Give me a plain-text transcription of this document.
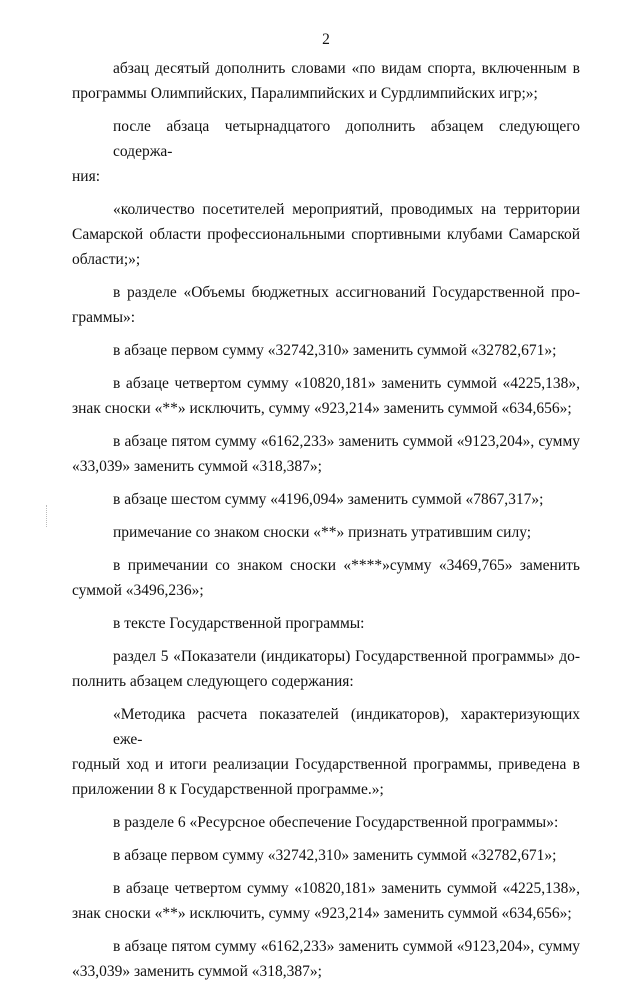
2

абзац десятый дополнить словами «по видам спорта, включенным в
программы Олимпийских, Паралимпийских и Сурдлимпийских игр;»;

после абзаца четырнадцатого дополнить абзацем следующего содержа-
ния:

«количество посетителей мероприятий, проводимых на территории
Самарской области профессиональными спортивными клубами Самарской
области;»;

в разделе «Объемы бюджетных ассигнований Государственной про-
граммы»:

в абзаце первом сумму «32742,310» заменить суммой «32782,671»;

в абзаце четвертом сумму «10820,181» заменить суммой «4225,138»,
знак сноски «**» исключить, сумму «923,214» заменить суммой «634,656»;

в абзаце пятом сумму «6162,233» заменить суммой «9123,204», сумму
«33,039» заменить суммой «318,387»;

в абзаце шестом сумму «4196,094» заменить суммой «7867,317»;

примечание со знаком сноски «**» признать утратившим силу;

в примечании со знаком сноски «****»сумму «3469,765» заменить
суммой «3496,236»;

в тексте Государственной программы:

раздел 5 «Показатели (индикаторы) Государственной программы» до-
полнить абзацем следующего содержания:

«Методика расчета показателей (индикаторов), характеризующих еже-
годный ход и итоги реализации Государственной программы, приведена в
приложении 8 к Государственной программе.»;

в разделе 6 «Ресурсное обеспечение Государственной программы»:

в абзаце первом сумму «32742,310» заменить суммой «32782,671»;

в абзаце четвертом сумму «10820,181» заменить суммой «4225,138»,
знак сноски «**» исключить, сумму «923,214» заменить суммой «634,656»;

в абзаце пятом сумму «6162,233» заменить суммой «9123,204», сумму
«33,039» заменить суммой «318,387»;
